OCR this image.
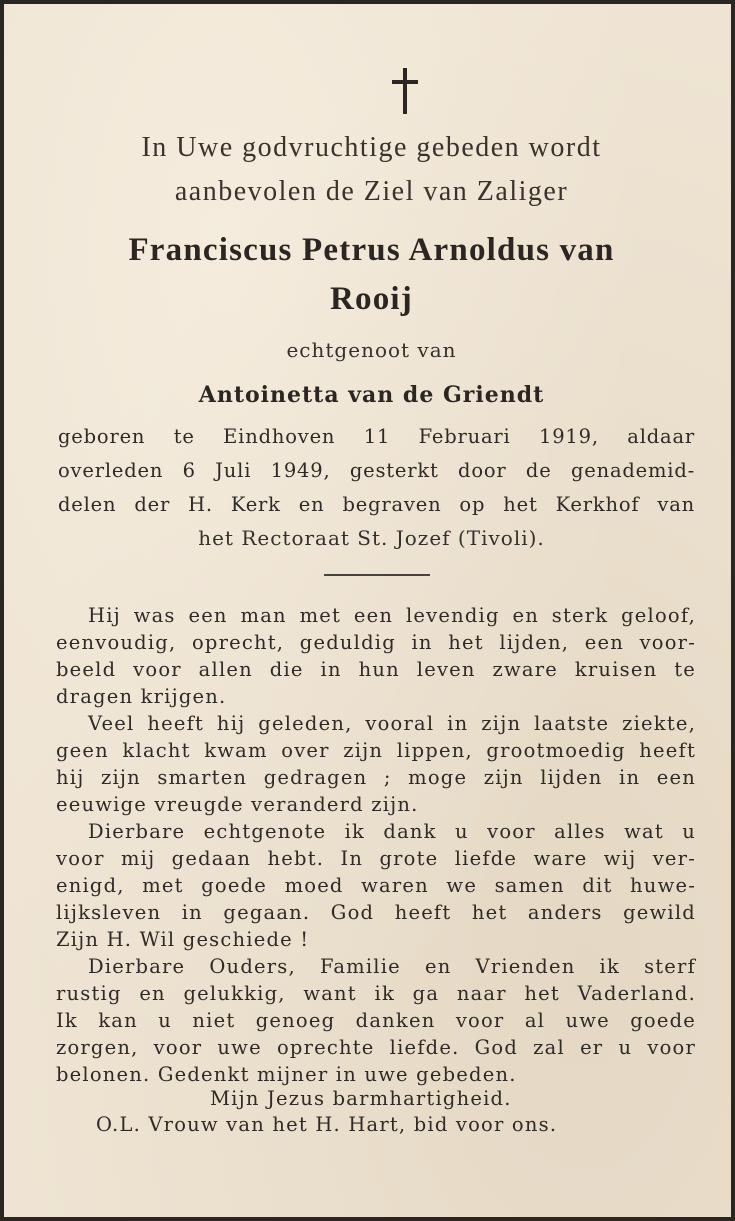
In Uwe godvruchtige gebeden wordt
aanbevolen de Ziel van Zaliger
Franciscus Petrus Arnoldus van
Rooij
echtgenoot van
Antoinetta van de Griendt
geboren te Eindhoven 11 Februari 1919, aldaar
overleden 6 Juli 1949, gesterkt door de genademid-
delen der H. Kerk en begraven op het Kerkhof van
het Rectoraat St. Jozef (Tivoli).
Hij was een man met een levendig en sterk geloof,
eenvoudig, oprecht, geduldig in het lijden, een voor-
beeld voor allen die in hun leven zware kruisen te
dragen krijgen.
Veel heeft hij geleden, vooral in zijn laatste ziekte,
geen klacht kwam over zijn lippen, grootmoedig heeft
hij zijn smarten gedragen ; moge zijn lijden in een
eeuwige vreugde veranderd zijn.
Dierbare echtgenote ik dank u voor alles wat u
voor mij gedaan hebt. In grote liefde ware wij ver-
enigd, met goede moed waren we samen dit huwe-
lijksleven in gegaan. God heeft het anders gewild
Zijn H. Wil geschiede !
Dierbare Ouders, Familie en Vrienden ik sterf
rustig en gelukkig, want ik ga naar het Vaderland.
Ik kan u niet genoeg danken voor al uwe goede
zorgen, voor uwe oprechte liefde. God zal er u voor
belonen. Gedenkt mijner in uwe gebeden.
Mijn Jezus barmhartigheid.
O.L. Vrouw van het H. Hart, bid voor ons.
